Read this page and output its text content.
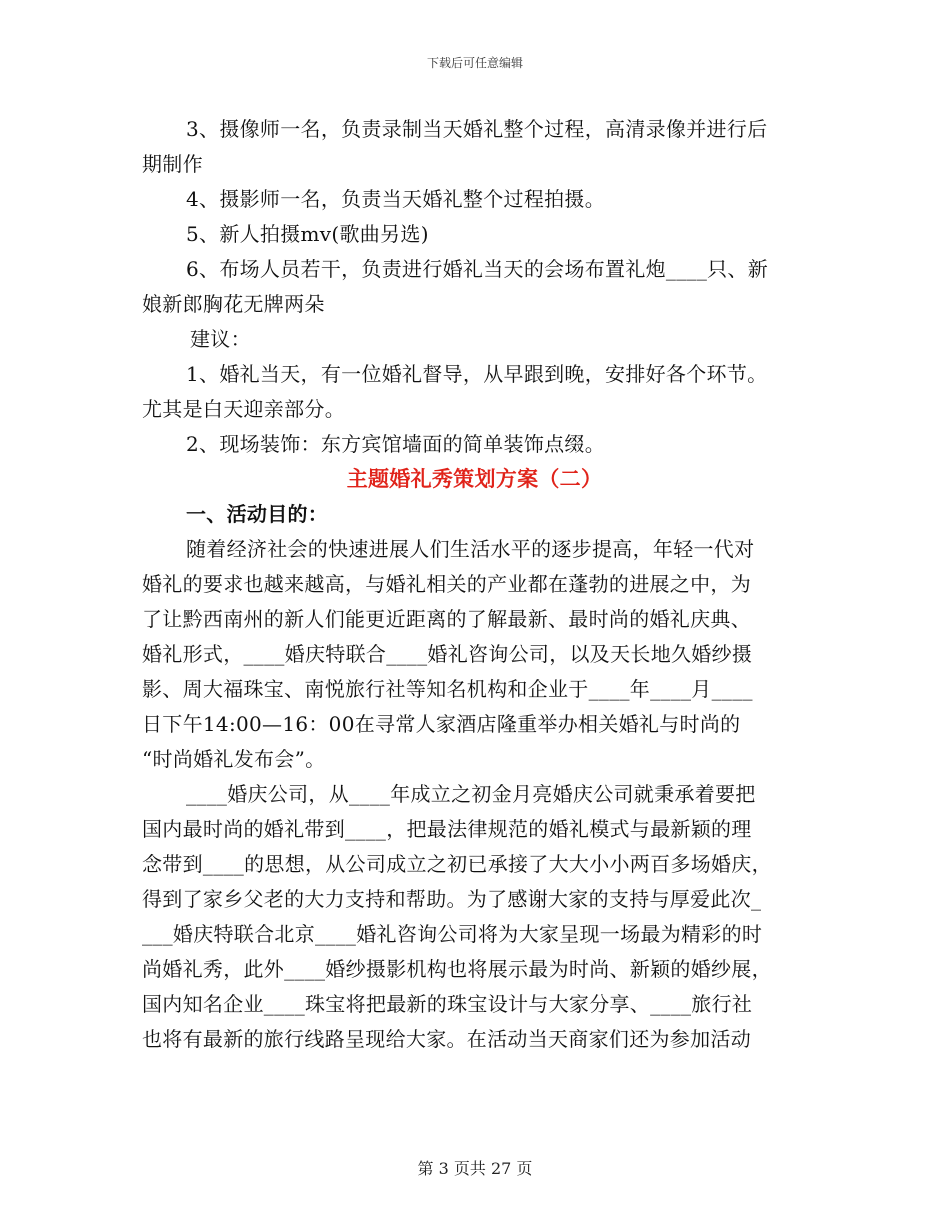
下载后可任意编辑
3、摄像师一名，负责录制当天婚礼整个过程，高清录像并进行后
期制作
4、摄影师一名，负责当天婚礼整个过程拍摄。
5、新人拍摄mv(歌曲另选)
6、布场人员若干，负责进行婚礼当天的会场布置礼炮____只、新
娘新郎胸花无牌两朵
建议：
1、婚礼当天，有一位婚礼督导，从早跟到晚，安排好各个环节。
尤其是白天迎亲部分。
2、现场装饰：东方宾馆墙面的简单装饰点缀。
主题婚礼秀策划方案（二）
一、活动目的：
随着经济社会的快速进展人们生活水平的逐步提高，年轻一代对
婚礼的要求也越来越高，与婚礼相关的产业都在蓬勃的进展之中，为
了让黔西南州的新人们能更近距离的了解最新、最时尚的婚礼庆典、
婚礼形式，____婚庆特联合____婚礼咨询公司，以及天长地久婚纱摄
影、周大福珠宝、南悦旅行社等知名机构和企业于____年____月____
日下午14:00—16：00在寻常人家酒店隆重举办相关婚礼与时尚的
“时尚婚礼发布会”。
____婚庆公司，从____年成立之初金月亮婚庆公司就秉承着要把
国内最时尚的婚礼带到____，把最法律规范的婚礼模式与最新颖的理
念带到____的思想，从公司成立之初已承接了大大小小两百多场婚庆，
得到了家乡父老的大力支持和帮助。为了感谢大家的支持与厚爱此次_
___婚庆特联合北京____婚礼咨询公司将为大家呈现一场最为精彩的时
尚婚礼秀，此外____婚纱摄影机构也将展示最为时尚、新颖的婚纱展，
国内知名企业____珠宝将把最新的珠宝设计与大家分享、____旅行社
也将有最新的旅行线路呈现给大家。在活动当天商家们还为参加活动
第 3 页共 27 页
